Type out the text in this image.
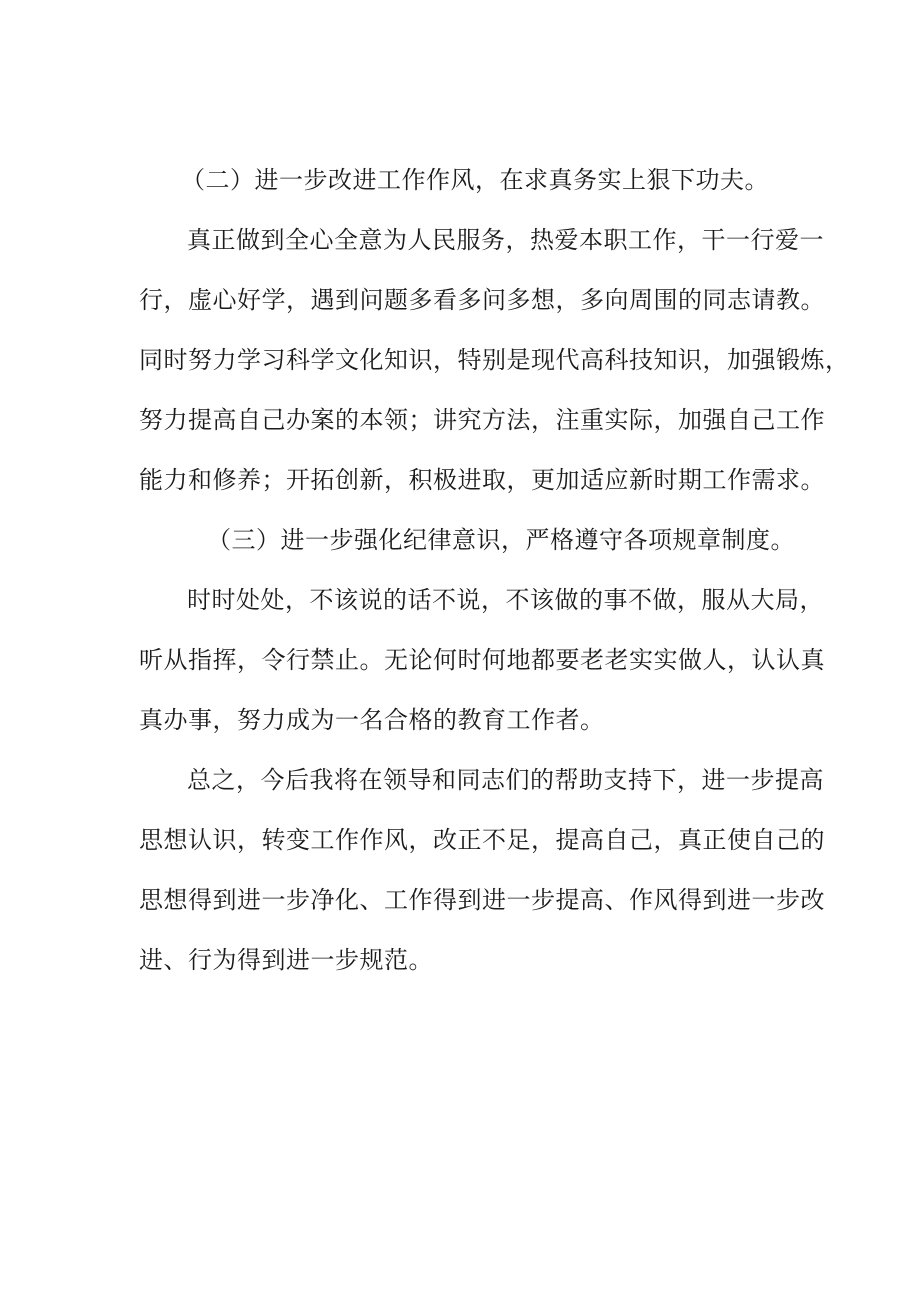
（二）进一步改进工作作风，在求真务实上狠下功夫。
真正做到全心全意为人民服务，热爱本职工作，干一行爱一
行，虚心好学，遇到问题多看多问多想，多向周围的同志请教。
同时努力学习科学文化知识，特别是现代高科技知识，加强锻炼，
努力提高自己办案的本领；讲究方法，注重实际，加强自己工作
能力和修养；开拓创新，积极进取，更加适应新时期工作需求。
（三）进一步强化纪律意识，严格遵守各项规章制度。
时时处处，不该说的话不说，不该做的事不做，服从大局，
听从指挥，令行禁止。无论何时何地都要老老实实做人，认认真
真办事，努力成为一名合格的教育工作者。
总之，今后我将在领导和同志们的帮助支持下，进一步提高
思想认识，转变工作作风，改正不足，提高自己，真正使自己的
思想得到进一步净化、工作得到进一步提高、作风得到进一步改
进、行为得到进一步规范。
